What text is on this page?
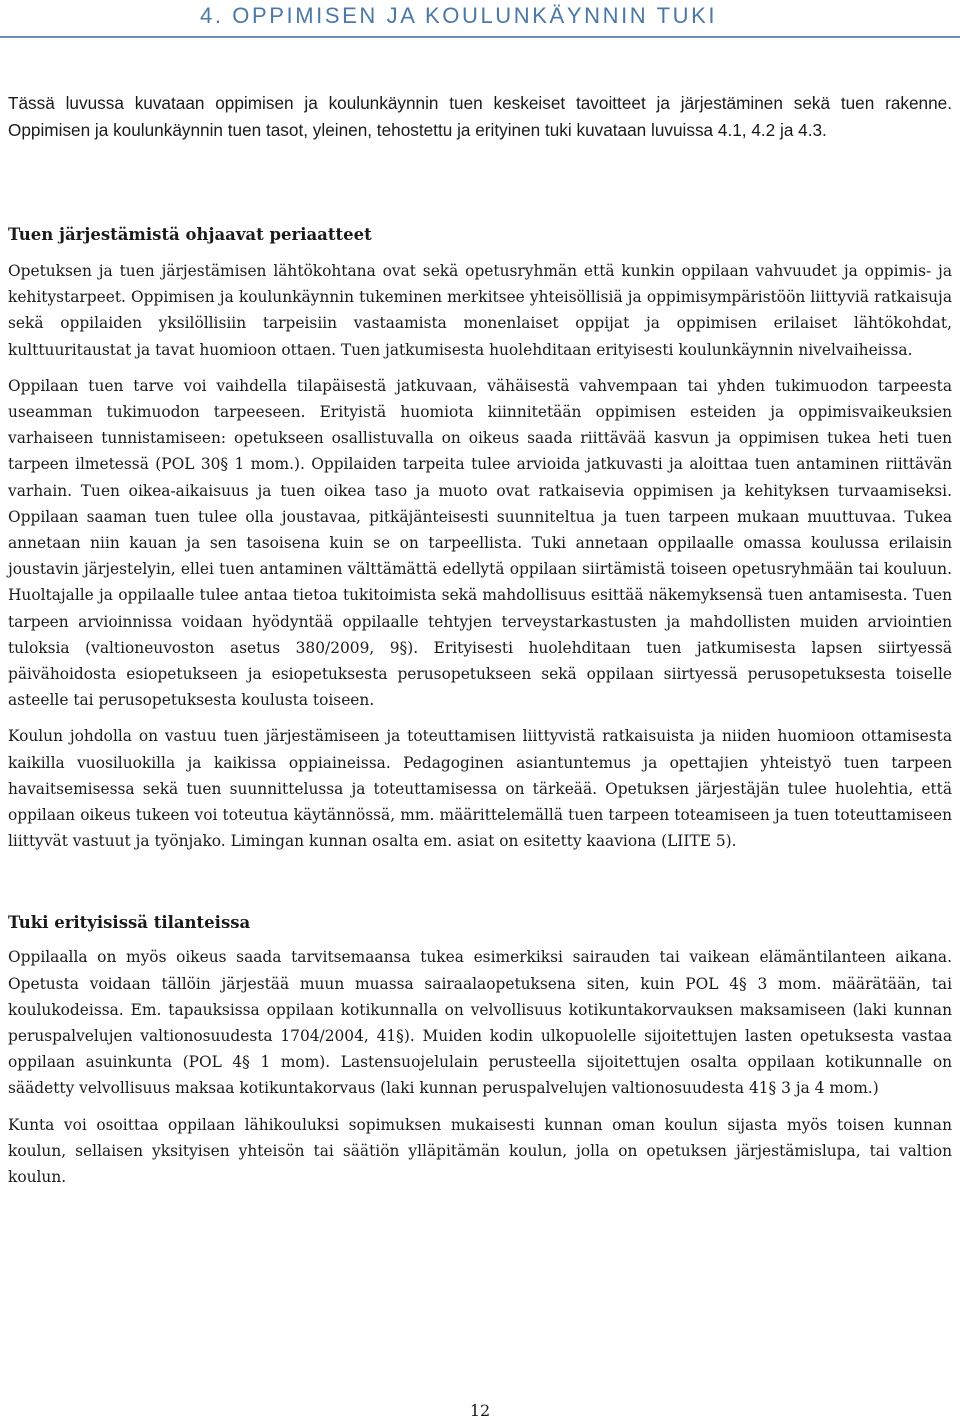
4. OPPIMISEN JA KOULUNKÄYNNIN TUKI

Tässä luvussa kuvataan oppimisen ja koulunkäynnin tuen keskeiset tavoitteet ja järjestäminen sekä tuen rakenne. Oppimisen ja koulunkäynnin tuen tasot, yleinen, tehostettu ja erityinen tuki kuvataan luvuissa 4.1, 4.2 ja 4.3.

Tuen järjestämistä ohjaavat periaatteet

Opetuksen ja tuen järjestämisen lähtökohtana ovat sekä opetusryhmän että kunkin oppilaan vahvuudet ja oppimis- ja kehitystarpeet. Oppimisen ja koulunkäynnin tukeminen merkitsee yhteisöllisiä ja oppimisympäristöön liittyviä ratkaisuja sekä oppilaiden yksilöllisiin tarpeisiin vastaamista monenlaiset oppijat ja oppimisen erilaiset lähtökohdat, kulttuuritaustat ja tavat huomioon ottaen. Tuen jatkumisesta huolehditaan erityisesti koulunkäynnin nivelvaiheissa.

Oppilaan tuen tarve voi vaihdella tilapäisestä jatkuvaan, vähäisestä vahvempaan tai yhden tukimuodon tarpeesta useamman tukimuodon tarpeeseen. Erityistä huomiota kiinnitetään oppimisen esteiden ja oppimisvaikeuksien varhaiseen tunnistamiseen: opetukseen osallistuvalla on oikeus saada riittävää kasvun ja oppimisen tukea heti tuen tarpeen ilmetessä (POL 30§ 1 mom.). Oppilaiden tarpeita tulee arvioida jatkuvasti ja aloittaa tuen antaminen riittävän varhain. Tuen oikea-aikaisuus ja tuen oikea taso ja muoto ovat ratkaisevia oppimisen ja kehityksen turvaamiseksi. Oppilaan saaman tuen tulee olla joustavaa, pitkäjänteisesti suunniteltua ja tuen tarpeen mukaan muuttuvaa. Tukea annetaan niin kauan ja sen tasoisena kuin se on tarpeellista. Tuki annetaan oppilaalle omassa koulussa erilaisin joustavin järjestelyin, ellei tuen antaminen välttämättä edellytä oppilaan siirtämistä toiseen opetusryhmään tai kouluun. Huoltajalle ja oppilaalle tulee antaa tietoa tukitoimista sekä mahdollisuus esittää näkemyksensä tuen antamisesta. Tuen tarpeen arvioinnissa voidaan hyödyntää oppilaalle tehtyjen terveystarkastusten ja mahdollisten muiden arviointien tuloksia (valtioneuvoston asetus 380/2009, 9§). Erityisesti huolehditaan tuen jatkumisesta lapsen siirtyessä päivähoidosta esiopetukseen ja esiopetuksesta perusopetukseen sekä oppilaan siirtyessä perusopetuksesta toiselle asteelle tai perusopetuksesta koulusta toiseen.

Koulun johdolla on vastuu tuen järjestämiseen ja toteuttamisen liittyvistä ratkaisuista ja niiden huomioon ottamisesta kaikilla vuosiluokilla ja kaikissa oppiaineissa. Pedagoginen asiantuntemus ja opettajien yhteistyö tuen tarpeen havaitsemisessa sekä tuen suunnittelussa ja toteuttamisessa on tärkeää. Opetuksen järjestäjän tulee huolehtia, että oppilaan oikeus tukeen voi toteutua käytännössä, mm. määrittelemällä tuen tarpeen toteamiseen ja tuen toteuttamiseen liittyvät vastuut ja työnjako. Limingan kunnan osalta em. asiat on esitetty kaaviona (LIITE 5).

Tuki erityisissä tilanteissa

Oppilaalla on myös oikeus saada tarvitsemaansa tukea esimerkiksi sairauden tai vaikean elämäntilanteen aikana. Opetusta voidaan tällöin järjestää muun muassa sairaalaopetuksena siten, kuin POL 4§ 3 mom. määrätään, tai koulukodeissa. Em. tapauksissa oppilaan kotikunnalla on velvollisuus kotikuntakorvauksen maksamiseen (laki kunnan peruspalvelujen valtionosuudesta 1704/2004, 41§). Muiden kodin ulkopuolelle sijoitettujen lasten opetuksesta vastaa oppilaan asuinkunta (POL 4§ 1 mom). Lastensuojelulain perusteella sijoitettujen osalta oppilaan kotikunnalle on säädetty velvollisuus maksaa kotikuntakorvaus (laki kunnan peruspalvelujen valtionosuudesta 41§ 3 ja 4 mom.)

Kunta voi osoittaa oppilaan lähikouluksi sopimuksen mukaisesti kunnan oman koulun sijasta myös toisen kunnan koulun, sellaisen yksityisen yhteisön tai säätiön ylläpitämän koulun, jolla on opetuksen järjestämislupa, tai valtion koulun.

12
